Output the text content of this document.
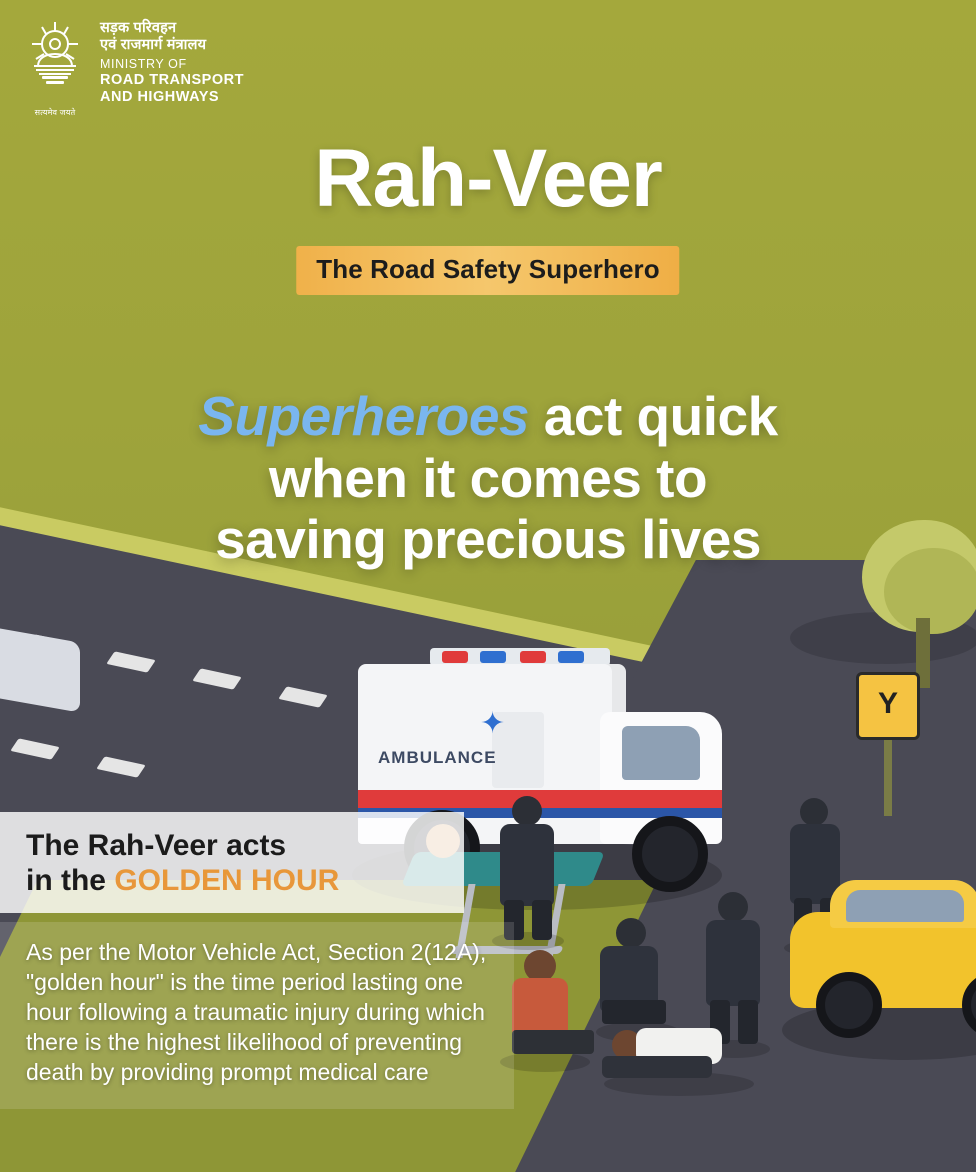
Y
✦
AMBULANCE
सत्यमेव जयते
सड़क परिवहन
एवं राजमार्ग मंत्रालय
MINISTRY OF
ROAD TRANSPORT
AND HIGHWAYS
Rah-Veer
The Road Safety Superhero
Superheroes act quick
when it comes to
saving precious lives
The Rah-Veer acts
in the GOLDEN HOUR

As per the Motor Vehicle Act, Section 2(12A), "golden hour" is the time period lasting one hour following a traumatic injury during which there is the highest likelihood of preventing death by providing prompt medical care
